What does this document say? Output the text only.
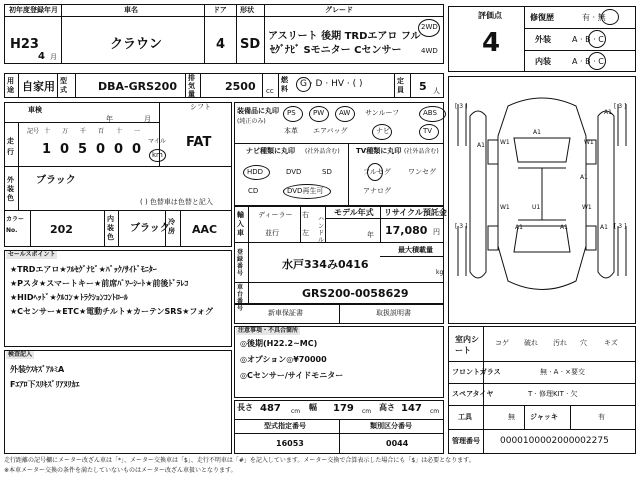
初年度登録年月	車名	ドア 形状	グレード
H23
4 月
クラウン	4 SD
アスリート 後期 TRDエアロ フル
ｾｸﾞﾅﾋﾞ Sモニター Cセンサー
2WD
4WD
用途 自家用 型式	DBA-GRS200
排気量
2500 cc
燃料	G · D · HV · ( )	定員 5 人
車検
年	月
シフト
FAT
走行
記号 十 万 千 百 十 一
1 0 5 0 0 0
マイル
km
外装色
ブラック
( ) 色替車は色替と記入
カラーNo.	202
内装色
ブラック
冷房 AAC
装備品に丸印
(純正のみ)
PS PW AW サンルーフ	ABS
本革 エアバッグ	ナビ	TV
ナビ種類に丸印 (社外品含む) TV種類に丸印 (社外品含む)
HDD	DVD	SD
CD	DVD再生可
フルセグ ワンセグ
アナログ
輸入車
ディーラー
並行
右
左
ハンドル
モデル年式
年
リサイクル預託金
17,080 円
最大積載量
kg
登録番号
水戸334み0416
車台番号
GRS200-0058629
新車保証書	取扱説明書
セールスポイント
★TRDエアロ★ﾌﾙｾｸﾞﾅﾋﾞ★ﾊﾞｯｸ/ｻｲﾄﾞﾓﾆﾀｰ
★Pスタ★スマートキー★前席ﾊﾟﾜｰｼｰﾄ★前後ﾄﾞﾗﾚｺ
★HIDﾍｯﾄﾞ★ｸﾙｺﾝ★ﾄﾗｸｼｮﾝｺﾝﾄﾛｰﾙ
★Cセンサー★ETC★電動チルト★カーテンSRS★フォグ
検査記入
外装ｳｽｷｽﾞｱﾙﾐA
Fｴｱﾛ下ｽﾘｷｽﾞﾘｱﾇﾘｶｴ
注意事項・不具合箇所
◎後期(H22.2~MC)
◎オプション◎¥70000
◎Cセンサー/サイドモニター
長さ 487 cm 幅 179 cm 高さ 147 cm
型式指定番号	類別区分番号
16053	0044
評価点
4
修復歴	有 · 無
外装	A · B · C
内装	A · B · C
A1
A1
A1
A1
W1	W1
W1	W1
U1
A1	A1	A1
[ 3 ]	[ 3 ]
[ 3 ]	[ 3 ]
室内シート
コゲ 破れ 汚れ 穴 キズ
フロントガラス	無 · A · ×要交
スペアタイヤ	T · 修理KIT · 欠
工具	無 ジャッキ	有
管理番号 0000100002000002275
走行距離の記号欄にメーター改ざん車は「*」、メーター交換車は「$」、走行不明車は「#」を記入しています。メーター交換で合算表示した場合にも「$」は必要となります。
※本車メーター交換の条件を満たしていないものはメーター改ざん車扱いとなります。
